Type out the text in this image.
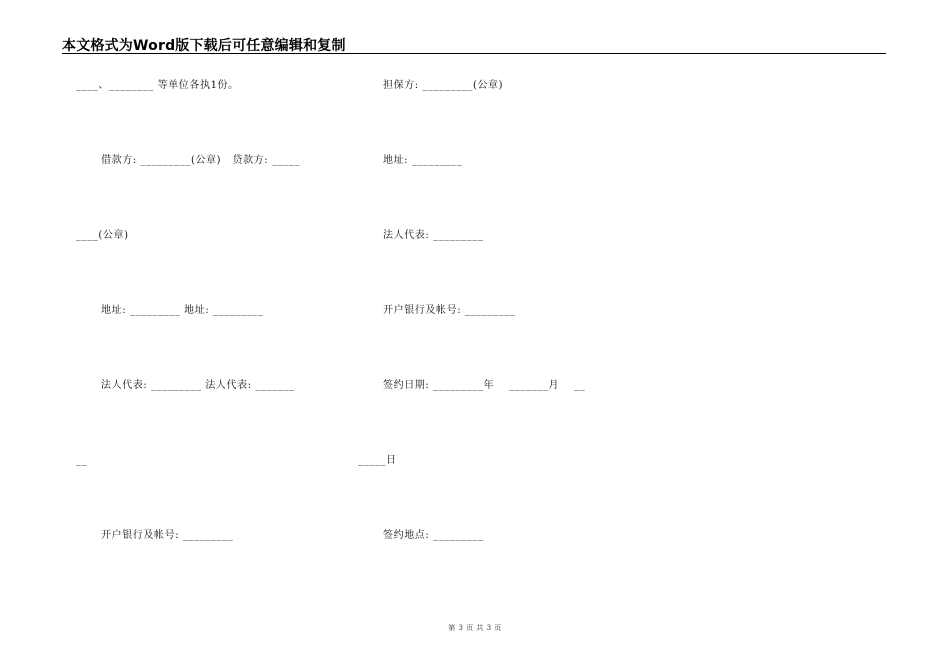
本文格式为Word版下载后可任意编辑和复制
____、________ 等单位各执1份。	担保方: _________(公章)
借款方: _________(公章)   贷款方: _____	地址: _________
____(公章)	法人代表: _________
地址: _________ 地址: _________	开户银行及帐号: _________
法人代表: _________ 法人代表: _______	签约日期: _________年    _______月    __
__	_____日
开户银行及帐号: _________	签约地点: _________
第 3 页 共 3 页
